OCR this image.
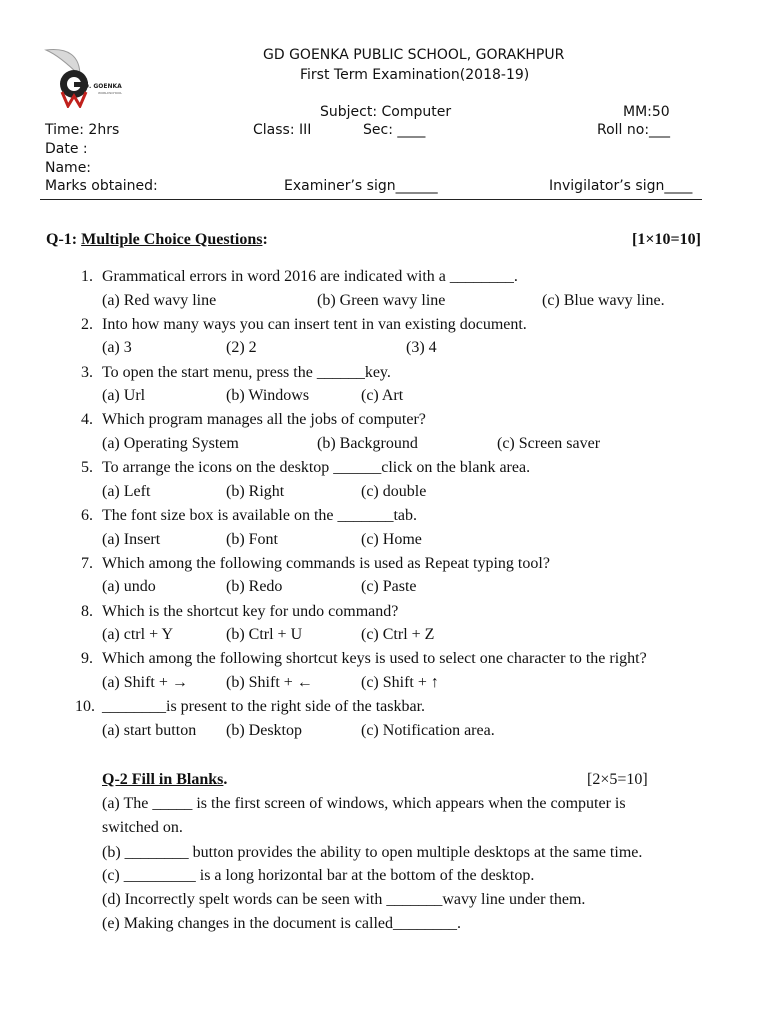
D. GOENKA
WORLDSCHOOL
GD GOENKA PUBLIC SCHOOL, GORAKHPUR
First Term Examination(2018-19)
Subject: Computer	MM:50
Time: 2hrs	Class: III	Sec: ____	Roll no:___
Date :
Name:
Marks obtained:	Examiner’s sign______	Invigilator’s sign____
Q-1: Multiple Choice Questions:	[1×10=10]
1. Grammatical errors in word 2016 are indicated with a ________.
(a) Red wavy line	(b) Green wavy line	(c) Blue wavy line.
2. Into how many ways you can insert tent in van existing document.
(a) 3	(2) 2	(3) 4
3. To open the start menu, press the ______key.
(a) Url	(b) Windows	(c) Art
4. Which program manages all the jobs of computer?
(a) Operating System	(b) Background	(c) Screen saver
5. To arrange the icons on the desktop ______click on the blank area.
(a) Left	(b) Right	(c) double
6. The font size box is available on the _______tab.
(a) Insert	(b) Font	(c) Home
7. Which among the following commands is used as Repeat typing tool?
(a) undo	(b) Redo	(c) Paste
8. Which is the shortcut key for undo command?
(a) ctrl + Y	(b) Ctrl + U	(c) Ctrl + Z
9. Which among the following shortcut keys is used to select one character to the right?
(a) Shift + → (b) Shift + ←	(c) Shift + ↑
10. ________is present to the right side of the taskbar.
(a) start button (b) Desktop	(c) Notification area.
Q-2 Fill in Blanks.	[2×5=10]
(a) The _____ is the first screen of windows, which appears when the computer is
switched on.
(b) ________ button provides the ability to open multiple desktops at the same time.
(c) _________ is a long horizontal bar at the bottom of the desktop.
(d) Incorrectly spelt words can be seen with _______wavy line under them.
(e) Making changes in the document is called________.
